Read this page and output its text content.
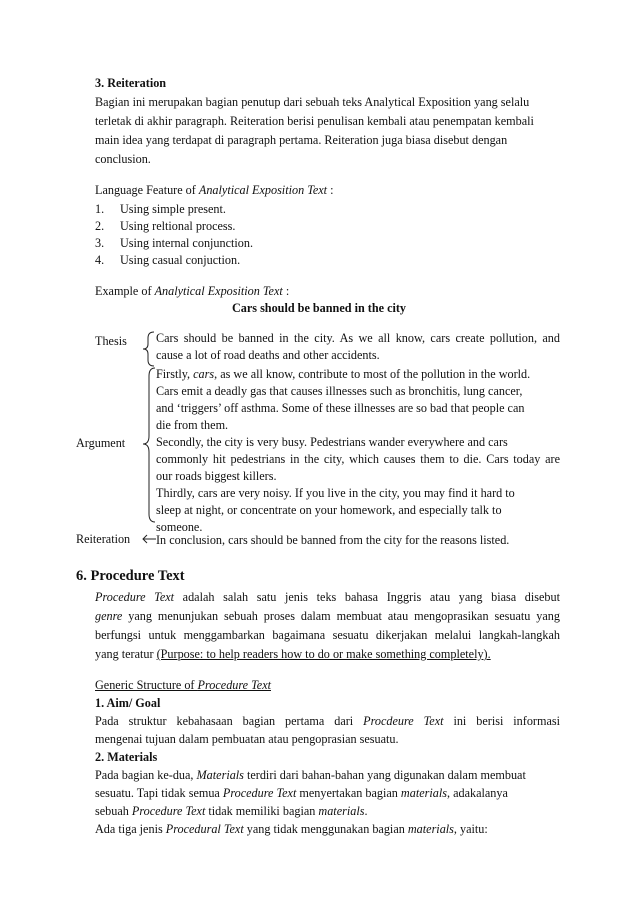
3. Reiteration
Bagian ini merupakan bagian penutup dari sebuah teks Analytical Exposition yang selalu
terletak di akhir paragraph. Reiteration berisi penulisan kembali atau penempatan kembali
main idea yang terdapat di paragraph pertama. Reiteration juga biasa disebut dengan
conclusion.
Language Feature of Analytical Exposition Text :
1. Using simple present.
2. Using reltional process.
3. Using internal conjunction.
4. Using casual conjuction.
Example of Analytical Exposition Text :
Cars should be banned in the city
Thesis
Argument
Reiteration
Cars should be banned in the city. As we all know, cars create pollution, and
cause a lot of road deaths and other accidents.
Firstly, cars, as we all know, contribute to most of the pollution in the world.
Cars emit a deadly gas that causes illnesses such as bronchitis, lung cancer,
and ‘triggers’ off asthma. Some of these illnesses are so bad that people can
die from them.
Secondly, the city is very busy. Pedestrians wander everywhere and cars
commonly hit pedestrians in the city, which causes them to die. Cars today are
our roads biggest killers.
Thirdly, cars are very noisy. If you live in the city, you may find it hard to
sleep at night, or concentrate on your homework, and especially talk to
someone.
In conclusion, cars should be banned from the city for the reasons listed.
6. Procedure Text
Procedure Text adalah salah satu jenis teks bahasa Inggris atau yang biasa disebut
genre yang menunjukan sebuah proses dalam membuat atau mengoprasikan sesuatu yang
berfungsi untuk menggambarkan bagaimana sesuatu dikerjakan melalui langkah-langkah
yang teratur (Purpose: to help readers how to do or make something completely).
Generic Structure of Procedure Text
1. Aim/ Goal
Pada struktur kebahasaan bagian pertama dari Procdeure Text ini berisi informasi
mengenai tujuan dalam pembuatan atau pengoprasian sesuatu.
2. Materials
Pada bagian ke-dua, Materials terdiri dari bahan-bahan yang digunakan dalam membuat
sesuatu. Tapi tidak semua Procedure Text menyertakan bagian materials, adakalanya
sebuah Procedure Text tidak memiliki bagian materials.
Ada tiga jenis Procedural Text yang tidak menggunakan bagian materials, yaitu:
